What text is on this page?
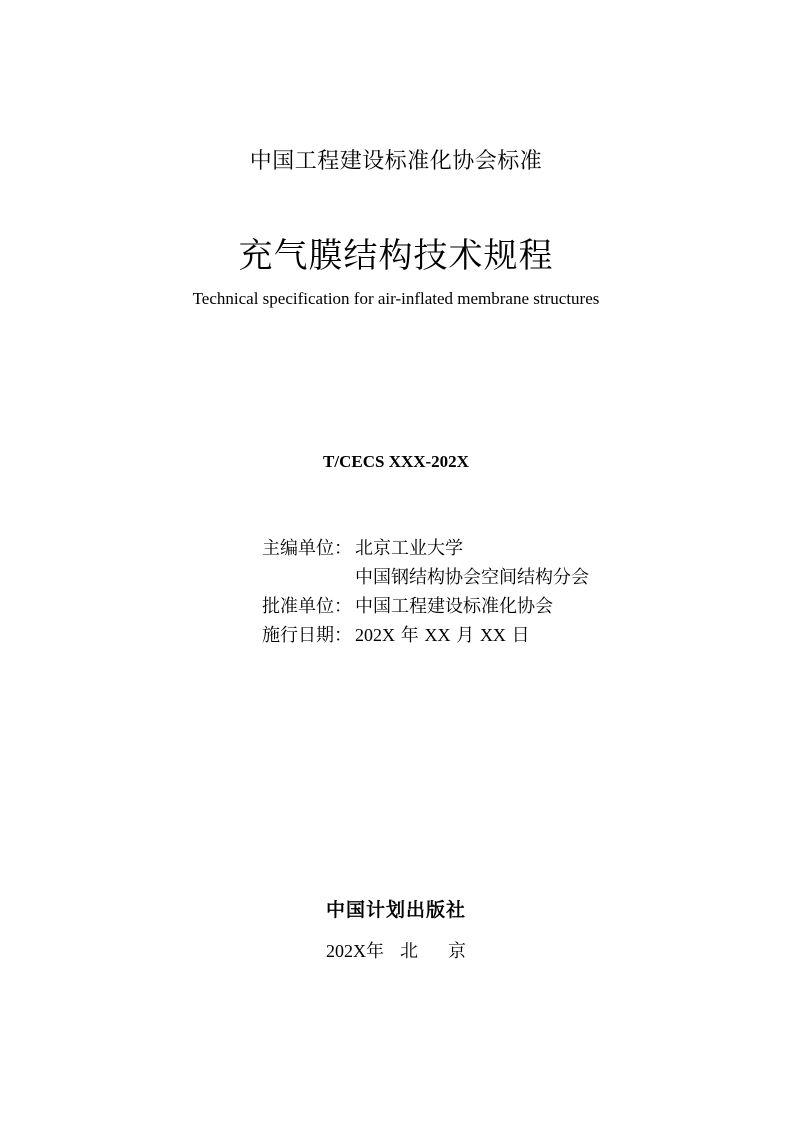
中国工程建设标准化协会标准
充气膜结构技术规程
Technical specification for air-inflated membrane structures
T/CECS XXX-202X
主编单位： 北京工业大学
中国钢结构协会空间结构分会
批准单位： 中国工程建设标准化协会
施行日期： 202X 年 XX 月 XX 日
中国计划出版社
202X年 北 京
